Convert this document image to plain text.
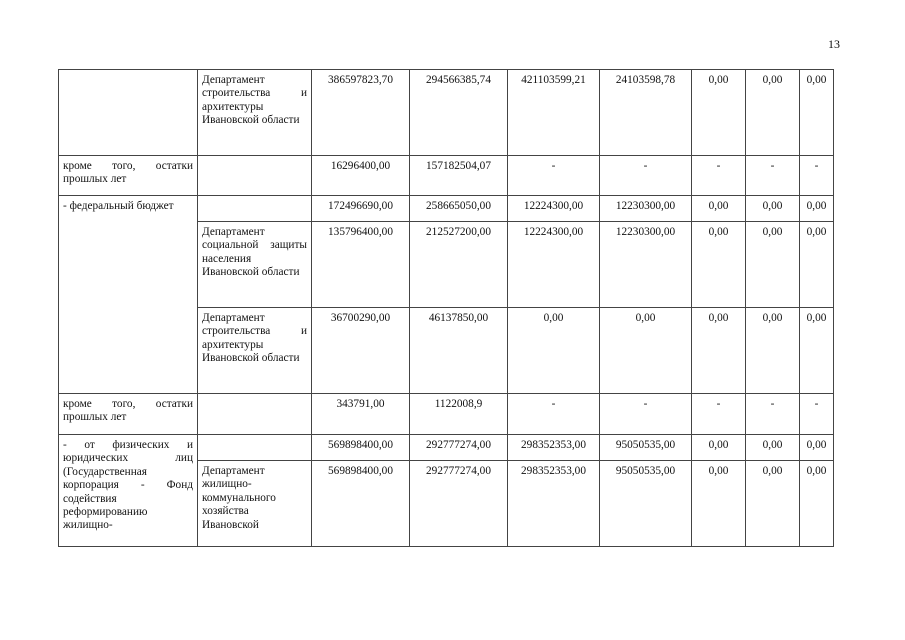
13
	Департамент строительства и архитектуры Ивановской области	386597823,70	294566385,74	421103599,21	24103598,78	0,00	0,00	0,00
кроме того, остатки прошлых лет		16296400,00	157182504,07	-	-	-	-	-
- федеральный бюджет		172496690,00	258665050,00	12224300,00	12230300,00	0,00	0,00	0,00
	Департамент социальной защиты населения Ивановской области	135796400,00	212527200,00	12224300,00	12230300,00	0,00	0,00	0,00
	Департамент строительства и архитектуры Ивановской области	36700290,00	46137850,00	0,00	0,00	0,00	0,00	0,00
кроме того, остатки прошлых лет		343791,00	1122008,9	-	-	-	-	-
- от физических и юридических лиц (Государственная корпорация - Фонд содействия реформированию жилищно-		569898400,00	292777274,00	298352353,00	95050535,00	0,00	0,00	0,00
	Департамент жилищно-коммунального хозяйства Ивановской	569898400,00	292777274,00	298352353,00	95050535,00	0,00	0,00	0,00
